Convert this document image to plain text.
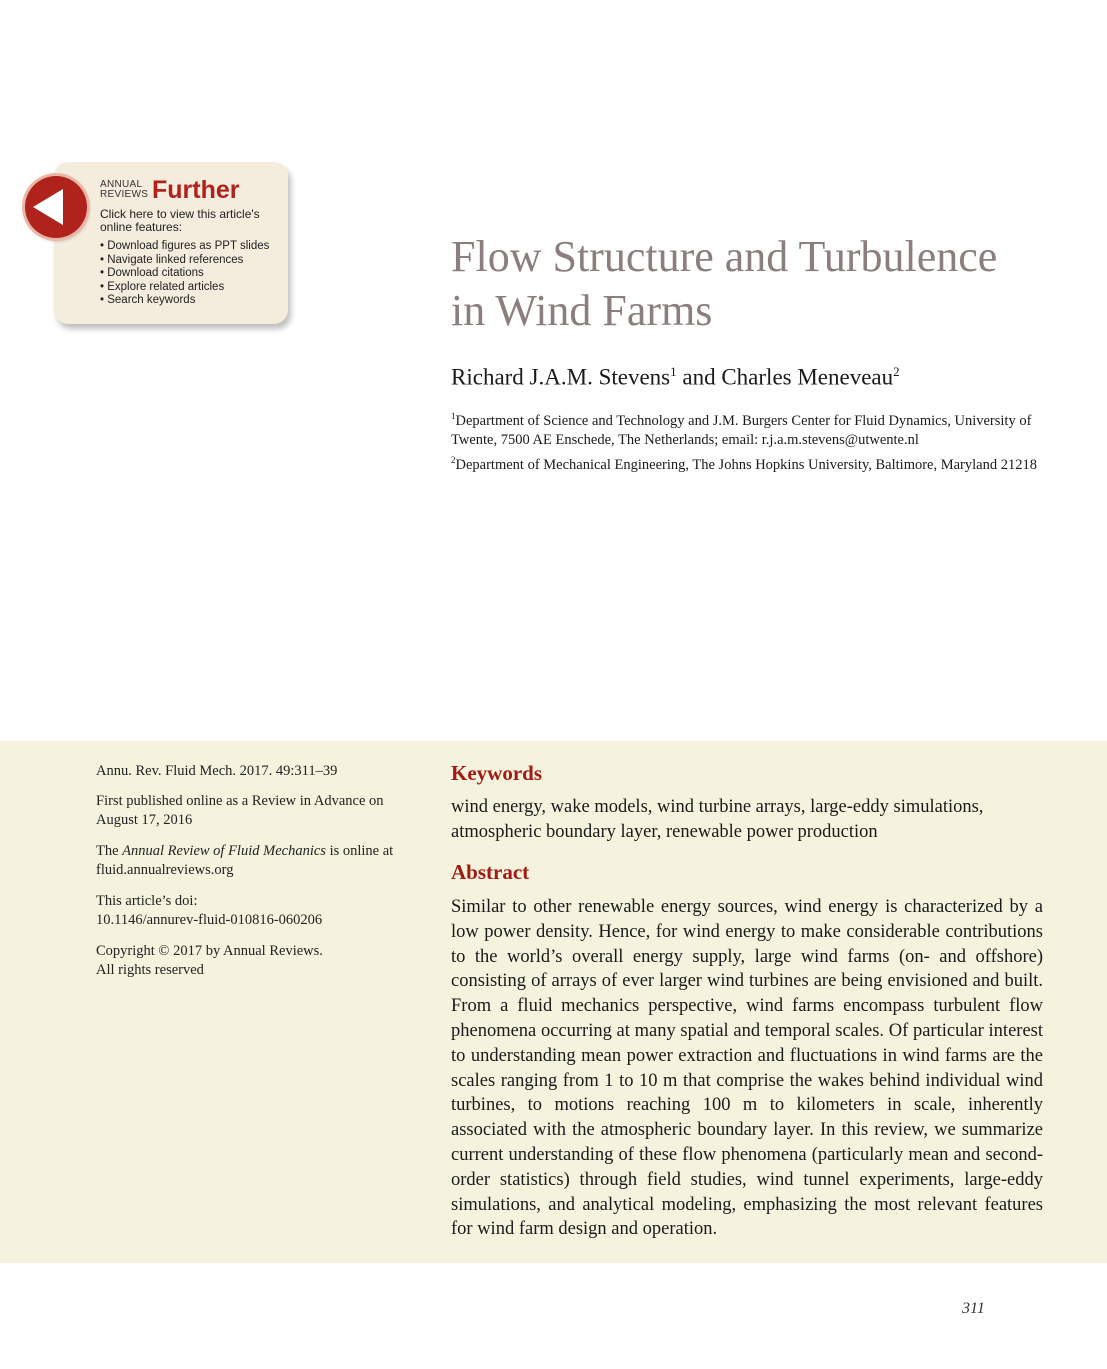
ANNUAL
REVIEWS Further
Click here to view this article's online features:
• Download figures as PPT slides
• Navigate linked references
• Download citations
• Explore related articles
• Search keywords
Flow Structure and Turbulence
in Wind Farms
Richard J.A.M. Stevens$^1$ and Charles Meneveau$^2$
$^1$Department of Science and Technology and J.M. Burgers Center for Fluid Dynamics, University of Twente, 7500 AE Enschede, The Netherlands; email: r.j.a.m.stevens@utwente.nl
$^2$Department of Mechanical Engineering, The Johns Hopkins University, Baltimore, Maryland 21218
Annu. Rev. Fluid Mech. 2017. 49:311–39
First published online as a Review in Advance on August 17, 2016
The Annual Review of Fluid Mechanics is online at fluid.annualreviews.org
This article’s doi:
10.1146/annurev-fluid-010816-060206
Copyright © 2017 by Annual Reviews.
All rights reserved
Keywords
wind energy, wake models, wind turbine arrays, large-eddy simulations, atmospheric boundary layer, renewable power production
Abstract
Similar to other renewable energy sources, wind energy is characterized by a low power density. Hence, for wind energy to make considerable contributions to the world’s overall energy supply, large wind farms (on- and offshore) consisting of arrays of ever larger wind turbines are being envisioned and built. From a fluid mechanics perspective, wind farms encompass turbulent flow phenomena occurring at many spatial and temporal scales. Of particular interest to understanding mean power extraction and fluctuations in wind farms are the scales ranging from 1 to 10 m that comprise the wakes behind individual wind turbines, to motions reaching 100 m to kilometers in scale, inherently associated with the atmospheric boundary layer. In this review, we summarize current understanding of these flow phenomena (particularly mean and second-order statistics) through field studies, wind tunnel experiments, large-eddy simulations, and analytical modeling, emphasizing the most relevant features for wind farm design and operation.
311
